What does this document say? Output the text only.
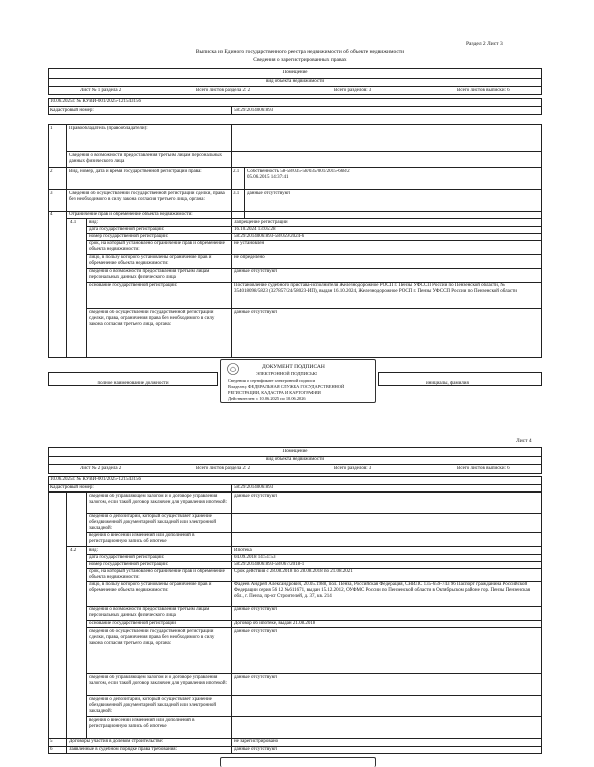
Раздел 2 Лист 3
Выписка из Единого государственного реестра недвижимости об объекте недвижимости
Сведения о зарегистрированных правах
Помещение
вид объекта недвижимости
Лист № 1 раздела 2	Всего листов раздела 2: 2	Всего разделов: 3	Всего листов выписки: 6
10.06.2025г. № КУВИ-001/2025-121543156
Кадастровый номер:	58:29:2014006:893
1	Правообладатель (правообладатели):
Сведения о возможности предоставления третьим лицам персональных данных физического лица
2	Вид, номер, дата и время государственной регистрации права:	2.1 Собственность 58-58/035-58/035/001/2015-668/2 05.06.2015 14:37:41
3	Сведения об осуществлении государственной регистрации сделки, права без необходимого в силу закона согласия третьего лица, органа:
3.1 данные отсутствуют
4	Ограничение прав и обременение объекта недвижимости:
4.1	вид:	Запрещение регистрации
дата государственной регистрации:	16.10.2024 13:05:28
номер государственной регистрации:	58:29:2014006:893-58/059/2024-6
срок, на который установлено ограничение прав и обременение объекта недвижимости:
не установлен
лицо, в пользу которого установлены ограничение прав и обременение объекта недвижимости:
не определено
сведения о возможности предоставления третьим лицам персональных данных физического лица
данные отсутствуют
основание государственной регистрации:	Постановление судебного пристава-исполнителя Железнодорожное РОСП г. Пензы УФССП России по Пензенской области, № 354018098/5823 (327857/24/58023-ИП), выдан 16.10.2024, Железнодорожное РОСП г. Пензы УФССП России по Пензенской области
сведения об осуществлении государственной регистрации сделки, права, ограничения права без необходимого в силу закона согласия третьего лица, органа:
данные отсутствуют
ДОКУМЕНТ ПОДПИСАН
ЭЛЕКТРОННОЙ ПОДПИСЬЮ
Сведения о сертификате электронной подписи
Владелец: ФЕДЕРАЛЬНАЯ СЛУЖБА ГОСУДАРСТВЕННОЙ
РЕГИСТРАЦИИ, КАДАСТРА И КАРТОГРАФИИ
Действителен: с 10.06.2025 по 10.06.2026
полное наименование должности	инициалы, фамилия
Лист 4
Помещение
вид объекта недвижимости
Лист № 2 раздела 2	Всего листов раздела 2: 2	Всего разделов: 3	Всего листов выписки: 6
10.06.2025г. № КУВИ-001/2025-121543156
Кадастровый номер:	58:29:2014006:893
сведения об управляющем залогом и о договоре управления залогом, если такой договор заключен для управления ипотекой:
данные отсутствуют
сведения о депозитарии, который осуществляет хранение обездвиженной документарной закладной или электронной закладной:
ведения о внесении изменений или дополнений в регистрационную запись об ипотеке
4.2	вид:	Ипотека
дата государственной регистрации:	04.09.2018 14:51:53
номер государственной регистрации:	58:29:2014006:893-58/067/2018-1
срок, на который установлено ограничение прав и обременение объекта недвижимости:
Срок действия с 28.08.2018 по 28.08.2018 по 21.08.2021
лицо, в пользу которого установлены ограничение прав и обременение объекта недвижимости:
Фадеев Андрей Александрович, 20.05.1988, пол. Пенза, Российская Федерация, СНИЛС 135-659-743 96 Паспорт гражданина Российской Федерации серия 56 12 №611671, выдан 15.12.2012, ОУФМС России по Пензенской области в Октябрьском районе гор. Пензы Пензенская обл., г. Пенза, пр-кт Строителей, д. 37, кв. 214
сведения о возможности предоставления третьим лицам персональных данных физического лица
данные отсутствуют
основание государственной регистрации	Договор об ипотеке, выдан 21.08.2018
сведения об осуществлении государственной регистрации сделки, права, ограничения права без необходимого в силу закона согласия третьего лица, органа:
данные отсутствуют
сведения об управляющем залогом и о договоре управления залогом, если такой договор заключен для управления ипотекой:
данные отсутствуют
сведения о депозитарии, который осуществляет хранение обездвиженной документарной закладной или электронной закладной:
ведения о внесении изменений или дополнений в регистрационную запись об ипотеке
5	Договоры участия в долевом строительстве:	не зарегистрировано
6	Заявленные в судебном порядке права требования:	данные отсутствуют
